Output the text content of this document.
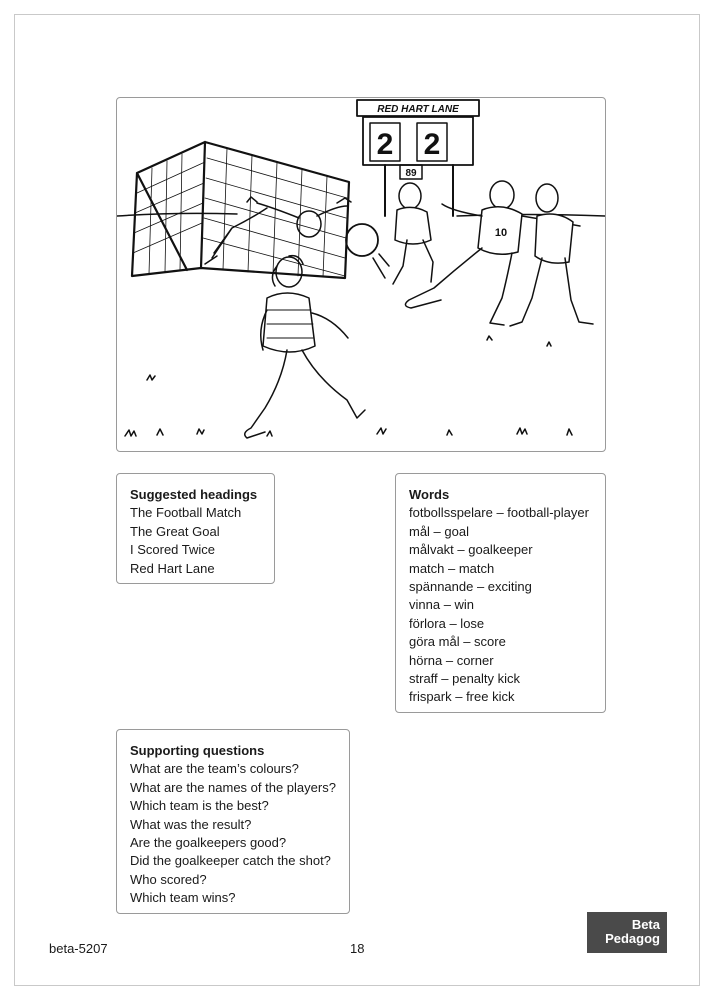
RED HART LANE
2 2
89
10
Suggested headings
The Football Match
The Great Goal
I Scored Twice
Red Hart Lane
Words
fotbollsspelare – football-player
mål – goal
målvakt – goalkeeper
match – match
spännande – exciting
vinna – win
förlora – lose
göra mål – score
hörna – corner
straff – penalty kick
frispark – free kick
Supporting questions
What are the team’s colours?
What are the names of the players?
Which team is the best?
What was the result?
Are the goalkeepers good?
Did the goalkeeper catch the shot?
Who scored?
Which team wins?
beta-5207	18
Beta
Pedagog
